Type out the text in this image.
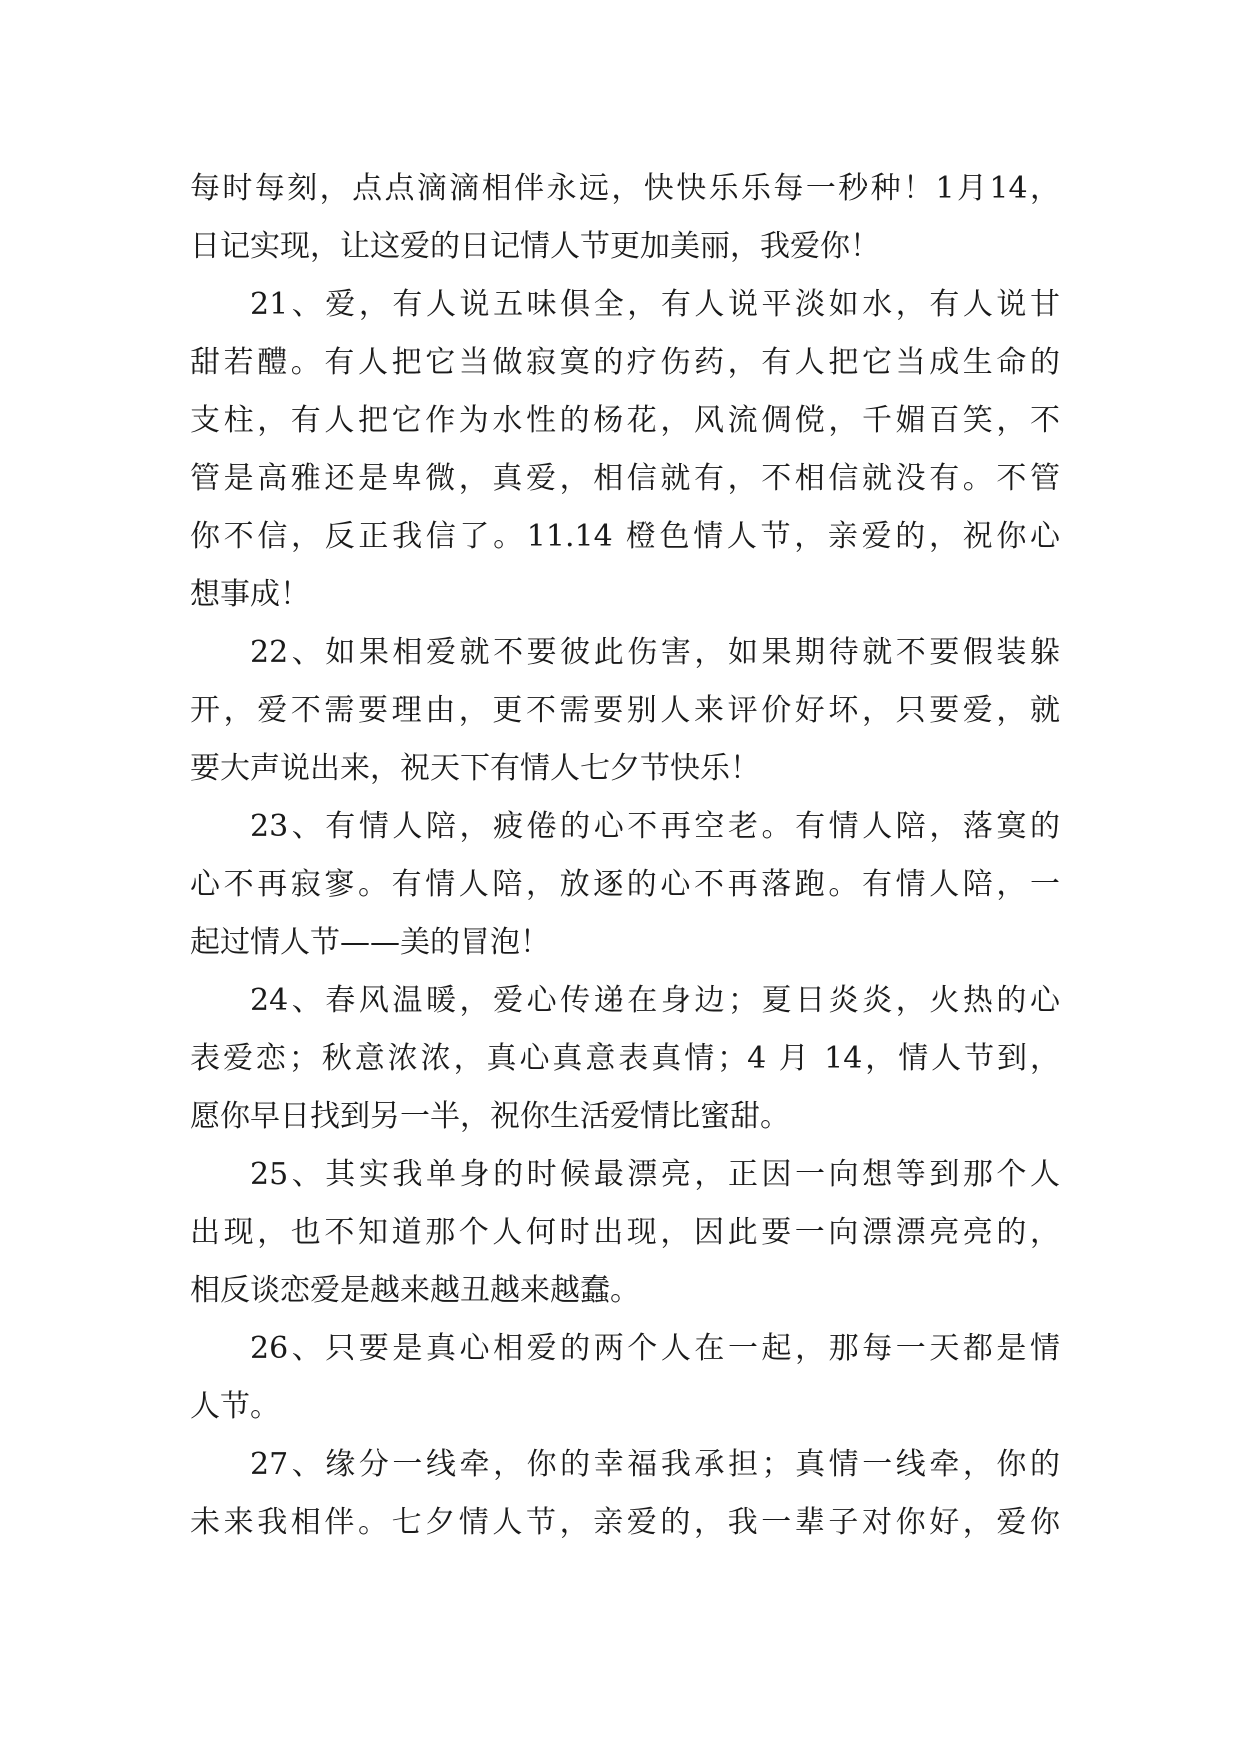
每时每刻，点点滴滴相伴永远，快快乐乐每一秒种！1月14，
日记实现，让这爱的日记情人节更加美丽，我爱你！
21、爱，有人说五味俱全，有人说平淡如水，有人说甘
甜若醴。有人把它当做寂寞的疗伤药，有人把它当成生命的
支柱，有人把它作为水性的杨花，风流倜傥，千媚百笑，不
管是高雅还是卑微，真爱，相信就有，不相信就没有。不管
你不信，反正我信了。11.14 橙色情人节，亲爱的，祝你心
想事成！
22、如果相爱就不要彼此伤害，如果期待就不要假装躲
开，爱不需要理由，更不需要别人来评价好坏，只要爱，就
要大声说出来，祝天下有情人七夕节快乐！
23、有情人陪，疲倦的心不再空老。有情人陪，落寞的
心不再寂寥。有情人陪，放逐的心不再落跑。有情人陪，一
起过情人节——美的冒泡！
24、春风温暖，爱心传递在身边；夏日炎炎，火热的心
表爱恋；秋意浓浓，真心真意表真情；4 月 14，情人节到，
愿你早日找到另一半，祝你生活爱情比蜜甜。
25、其实我单身的时候最漂亮，正因一向想等到那个人
出现，也不知道那个人何时出现，因此要一向漂漂亮亮的，
相反谈恋爱是越来越丑越来越蠢。
26、只要是真心相爱的两个人在一起，那每一天都是情
人节。
27、缘分一线牵，你的幸福我承担；真情一线牵，你的
未来我相伴。七夕情人节，亲爱的，我一辈子对你好，爱你
